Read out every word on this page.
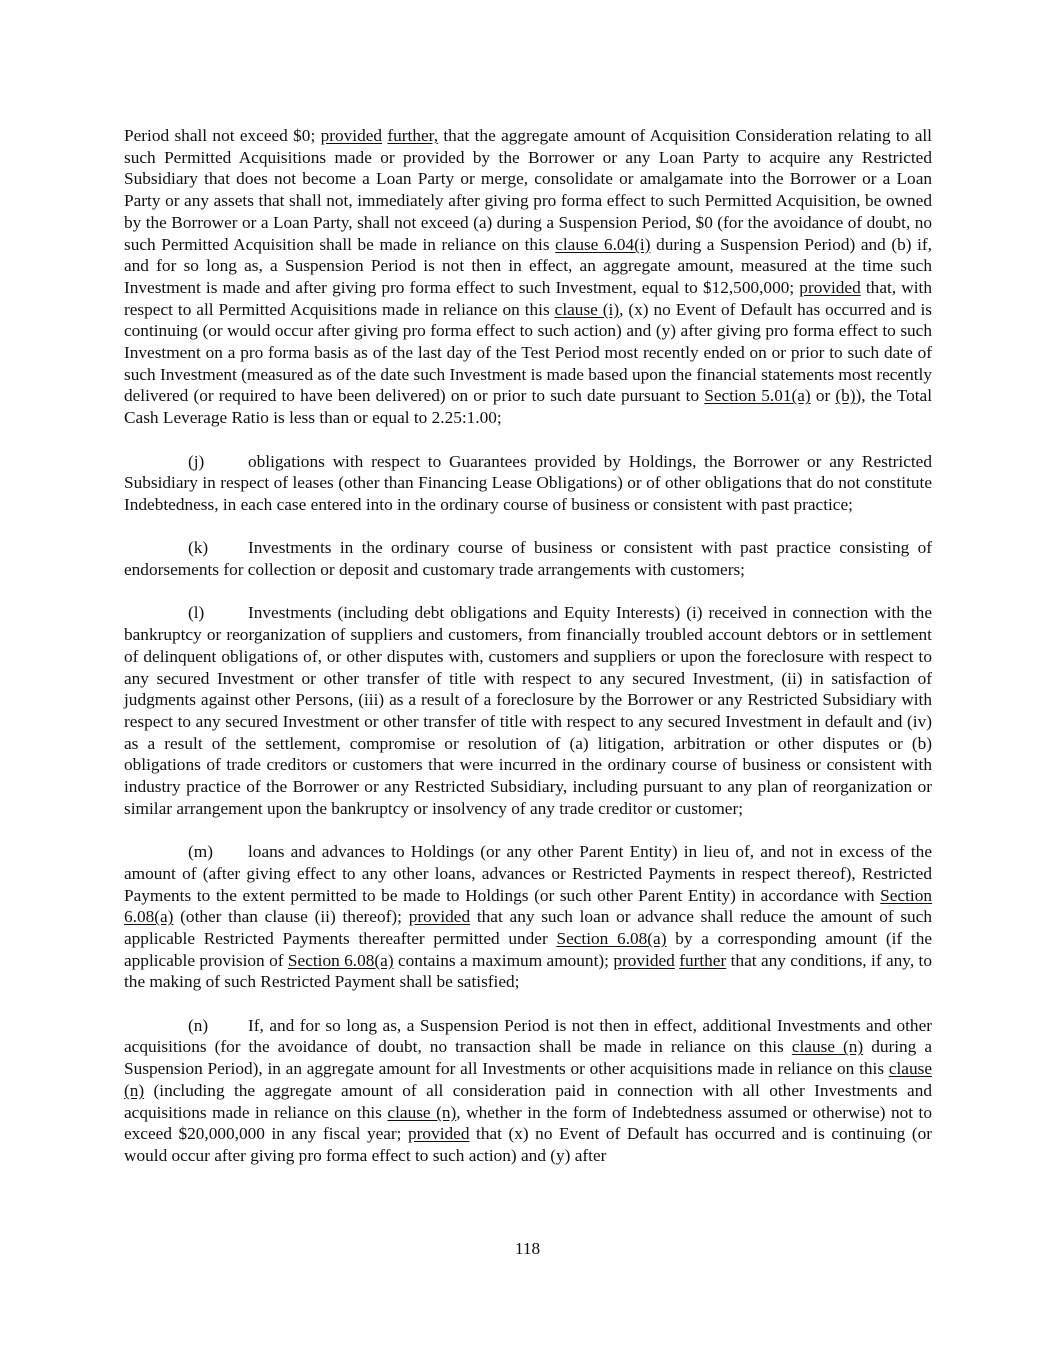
Period shall not exceed $0; provided further, that the aggregate amount of Acquisition Consideration relating to all such Permitted Acquisitions made or provided by the Borrower or any Loan Party to acquire any Restricted Subsidiary that does not become a Loan Party or merge, consolidate or amalgamate into the Borrower or a Loan Party or any assets that shall not, immediately after giving pro forma effect to such Permitted Acquisition, be owned by the Borrower or a Loan Party, shall not exceed (a) during a Suspension Period, $0 (for the avoidance of doubt, no such Permitted Acquisition shall be made in reliance on this clause 6.04(i) during a Suspension Period) and (b) if, and for so long as, a Suspension Period is not then in effect, an aggregate amount, measured at the time such Investment is made and after giving pro forma effect to such Investment, equal to $12,500,000; provided that, with respect to all Permitted Acquisitions made in reliance on this clause (i), (x) no Event of Default has occurred and is continuing (or would occur after giving pro forma effect to such action) and (y) after giving pro forma effect to such Investment on a pro forma basis as of the last day of the Test Period most recently ended on or prior to such date of such Investment (measured as of the date such Investment is made based upon the financial statements most recently delivered (or required to have been delivered) on or prior to such date pursuant to Section 5.01(a) or (b)), the Total Cash Leverage Ratio is less than or equal to 2.25:1.00;

(j)	obligations with respect to Guarantees provided by Holdings, the Borrower or any Restricted Subsidiary in respect of leases (other than Financing Lease Obligations) or of other obligations that do not constitute Indebtedness, in each case entered into in the ordinary course of business or consistent with past practice;

(k) Investments in the ordinary course of business or consistent with past practice consisting of endorsements for collection or deposit and customary trade arrangements with customers;

(l)	Investments (including debt obligations and Equity Interests) (i) received in connection with the bankruptcy or reorganization of suppliers and customers, from financially troubled account debtors or in settlement of delinquent obligations of, or other disputes with, customers and suppliers or upon the foreclosure with respect to any secured Investment or other transfer of title with respect to any secured Investment, (ii) in satisfaction of judgments against other Persons, (iii) as a result of a foreclosure by the Borrower or any Restricted Subsidiary with respect to any secured Investment or other transfer of title with respect to any secured Investment in default and (iv) as a result of the settlement, compromise or resolution of (a) litigation, arbitration or other disputes or (b) obligations of trade creditors or customers that were incurred in the ordinary course of business or consistent with industry practice of the Borrower or any Restricted Subsidiary, including pursuant to any plan of reorganization or similar arrangement upon the bankruptcy or insolvency of any trade creditor or customer;

(m) loans and advances to Holdings (or any other Parent Entity) in lieu of, and not in excess of the amount of (after giving effect to any other loans, advances or Restricted Payments in respect thereof), Restricted Payments to the extent permitted to be made to Holdings (or such other Parent Entity) in accordance with Section 6.08(a) (other than clause (ii) thereof); provided that any such loan or advance shall reduce the amount of such applicable Restricted Payments thereafter permitted under Section 6.08(a) by a corresponding amount (if the applicable provision of Section 6.08(a) contains a maximum amount); provided further that any conditions, if any, to the making of such Restricted Payment shall be satisfied;

(n) If, and for so long as, a Suspension Period is not then in effect, additional Investments and other acquisitions (for the avoidance of doubt, no transaction shall be made in reliance on this clause (n) during a Suspension Period), in an aggregate amount for all Investments or other acquisitions made in reliance on this clause (n) (including the aggregate amount of all consideration paid in connection with all other Investments and acquisitions made in reliance on this clause (n), whether in the form of Indebtedness assumed or otherwise) not to exceed $20,000,000 in any fiscal year; provided that (x) no Event of Default has occurred and is continuing (or would occur after giving pro forma effect to such action) and (y) after

118
